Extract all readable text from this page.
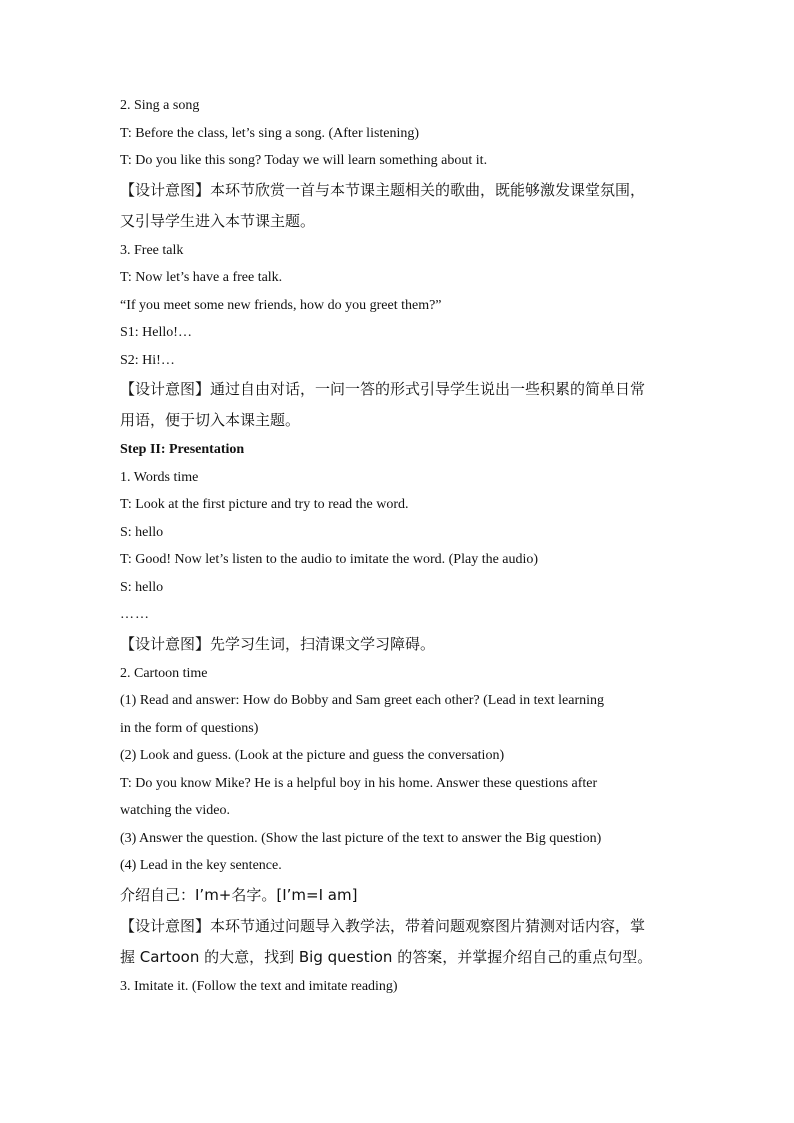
2. Sing a song
T: Before the class, let’s sing a song. (After listening)
T: Do you like this song? Today we will learn something about it.
【设计意图】本环节欣赏一首与本节课主题相关的歌曲，既能够激发课堂氛围，
又引导学生进入本节课主题。
3. Free talk
T: Now let’s have a free talk.
“If you meet some new friends, how do you greet them?”
S1: Hello!…
S2: Hi!…
【设计意图】通过自由对话，一问一答的形式引导学生说出一些积累的简单日常
用语，便于切入本课主题。
Step II: Presentation
1. Words time
T: Look at the first picture and try to read the word.
S: hello
T: Good! Now let’s listen to the audio to imitate the word. (Play the audio)
S: hello
……
【设计意图】先学习生词，扫清课文学习障碍。
2. Cartoon time
(1) Read and answer: How do Bobby and Sam greet each other? (Lead in text learning
in the form of questions)
(2) Look and guess. (Look at the picture and guess the conversation)
T: Do you know Mike? He is a helpful boy in his home. Answer these questions after
watching the video.
(3) Answer the question. (Show the last picture of the text to answer the Big question)
(4) Lead in the key sentence.
介绍自己：I’m+名字。[I’m=I am]
【设计意图】本环节通过问题导入教学法，带着问题观察图片猜测对话内容，掌
握 Cartoon 的大意，找到 Big question 的答案，并掌握介绍自己的重点句型。
3. Imitate it. (Follow the text and imitate reading)
